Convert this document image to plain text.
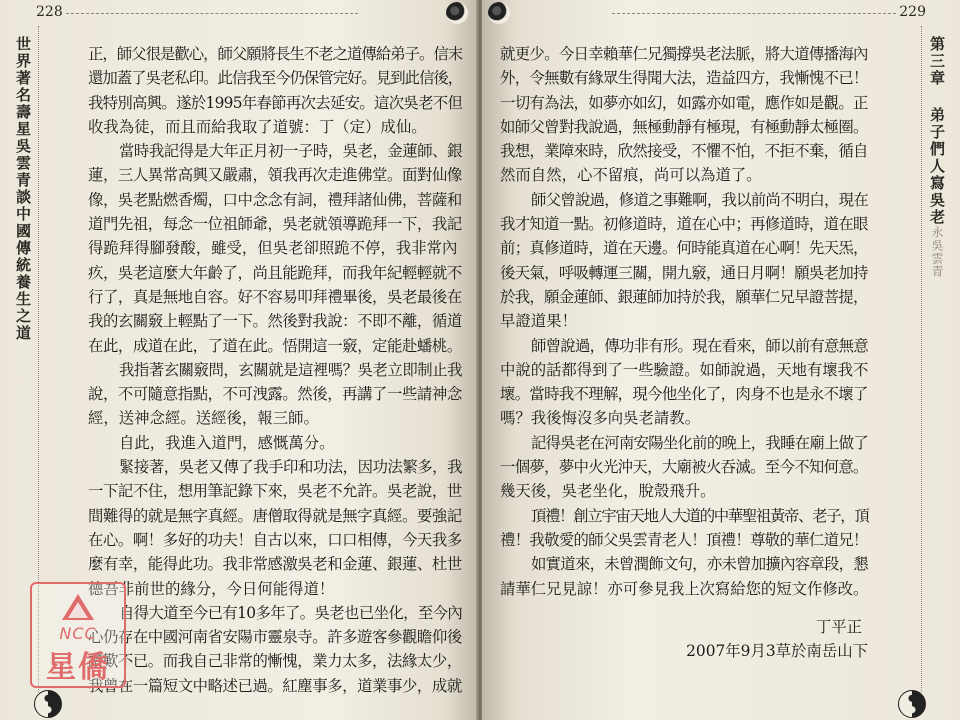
228
世界著名壽星吳雲青談中國傳統養生之道	正，師父很是歡心，師父願將長生不老之道傳給弟子。信末
還加蓋了吳老私印。此信我至今仍保管完好。見到此信後，
我特別高興。遂於1995年春節再次去延安。這次吳老不但
收我為徒，而且而給我取了道號：丁（定）成仙。
當時我記得是大年正月初一子時，吳老，金蓮師、銀
蓮，三人異常高興又嚴肅，領我再次走進佛堂。面對仙像
像，吳老點燃香燭，口中念念有詞，禮拜諸仙佛，菩薩和
道門先祖，每念一位祖師爺，吳老就領導跪拜一下，我記
得跪拜得腳發酸，雖受，但吳老卻照跪不停，我非常內
疚，吳老這麼大年齡了，尚且能跪拜，而我年紀輕輕就不
行了，真是無地自容。好不容易叩拜禮畢後，吳老最後在
我的玄關竅上輕點了一下。然後對我說：不即不離，循道
在此，成道在此，了道在此。悟開這一竅，定能赴蟠桃。
我指著玄關竅問，玄關就是這裡嗎？吳老立即制止我
說，不可隨意指點，不可洩露。然後，再講了一些請神念
經，送神念經。送經後，報三師。
自此，我進入道門，感慨萬分。
緊接著，吳老又傳了我手印和功法，因功法繁多，我
一下記不住，想用筆記錄下來，吳老不允許。吳老說，世
間難得的就是無字真經。唐僧取得就是無字真經。要強記
在心。啊！多好的功夫！自古以來，口口相傳，今天我多
麼有幸，能得此功。我非常感激吳老和金蓮、銀蓮、杜世
德吾非前世的緣分，今日何能得道！
自得大道至今已有10多年了。吳老也已坐化，至今內
心仍存在中國河南省安陽市靈泉寺。許多遊客參觀瞻仰後
讚歎不已。而我自己非常的慚愧，業力太多，法緣太少，
我曾在一篇短文中略述已過。紅塵事多，道業事少，成就
229
第三章 弟子們人寫吳老永吳雲青
就更少。今日幸賴華仁兄獨撐吳老法脈，將大道傳播海內
外，令無數有緣眾生得聞大法，造益四方，我慚愧不已！
一切有為法，如夢亦如幻，如露亦如電，應作如是觀。正
如師父曾對我說過，無極動靜有極現，有極動靜太極圈。
我想，業障來時，欣然接受，不懼不怕，不拒不棄，循自
然而自然，心不留痕，尚可以為道了。
師父曾說過，修道之事難啊，我以前尚不明白，現在
我才知道一點。初修道時，道在心中；再修道時，道在眼
前；真修道時，道在天邊。何時能真道在心啊！先天炁，
後天氣，呼吸轉運三關，開九竅，通日月啊！願吳老加持
於我，願金蓮師、銀蓮師加持於我，願華仁兄早證菩提，
早證道果！
師曾說過，傳功非有形。現在看來，師以前有意無意
中說的話都得到了一些驗證。如師說過，天地有壞我不
壞。當時我不理解，現今他坐化了，肉身不也是永不壞了
嗎？我後悔沒多向吳老請教。
記得吳老在河南安陽坐化前的晚上，我睡在廟上做了
一個夢，夢中火光沖天，大廟被火吞滅。至今不知何意。
幾天後，吳老坐化，脫殼飛升。
頂禮！創立宇宙天地人大道的中華聖祖黃帝、老子，頂
禮！我敬愛的師父吳雲青老人！頂禮！尊敬的華仁道兄！
如實道來，未曾潤飾文句，亦未曾加擴內容章段，懇
請華仁兄見諒！亦可參見我上次寫給您的短文作修改。
丁平正
2007年9月3草於南岳山下
NCC
星僑
